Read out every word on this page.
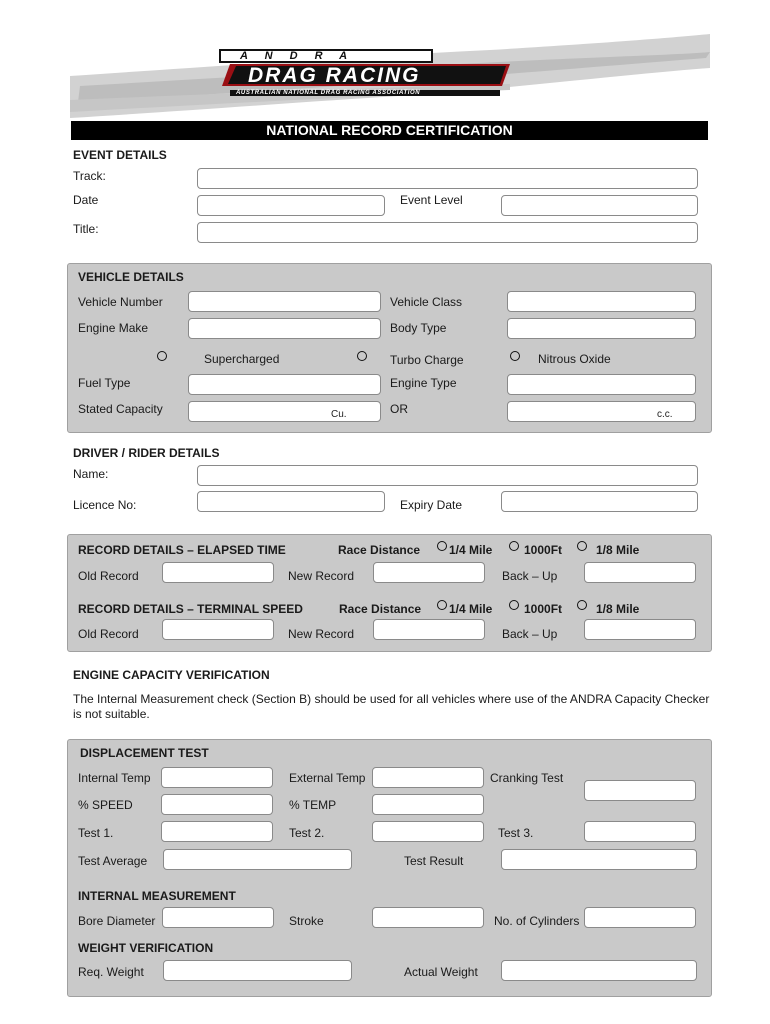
A N D R A
DRAG RACING
AUSTRALIAN NATIONAL DRAG RACING ASSOCIATION
NATIONAL RECORD CERTIFICATION
EVENT DETAILS
Track:
Date	Event Level
Title:
VEHICLE DETAILS
Vehicle Number	Vehicle Class
Engine Make	Body Type
Supercharged	Turbo Charge	Nitrous Oxide
Fuel Type	Engine Type
Stated Capacity	Cu.	OR	c.c.
DRIVER / RIDER DETAILS
Name:
Licence No:	Expiry Date
RECORD DETAILS – ELAPSED TIME	Race Distance 1/4 Mile	1000Ft	1/8 Mile
Old Record	New Record	Back – Up
RECORD DETAILS – TERMINAL SPEED	Race Distance 1/4 Mile	1000Ft	1/8 Mile
Old Record	New Record	Back – Up
ENGINE CAPACITY VERIFICATION
The Internal Measurement check (Section B) should be used for all vehicles where use of the ANDRA Capacity Checker is not suitable.
DISPLACEMENT TEST
Internal Temp	External Temp	Cranking Test
% SPEED	% TEMP
Test 1.	Test 2.	Test 3.
Test Average	Test Result
INTERNAL MEASUREMENT
Bore Diameter	Stroke	No. of Cylinders
WEIGHT VERIFICATION
Req. Weight	Actual Weight
